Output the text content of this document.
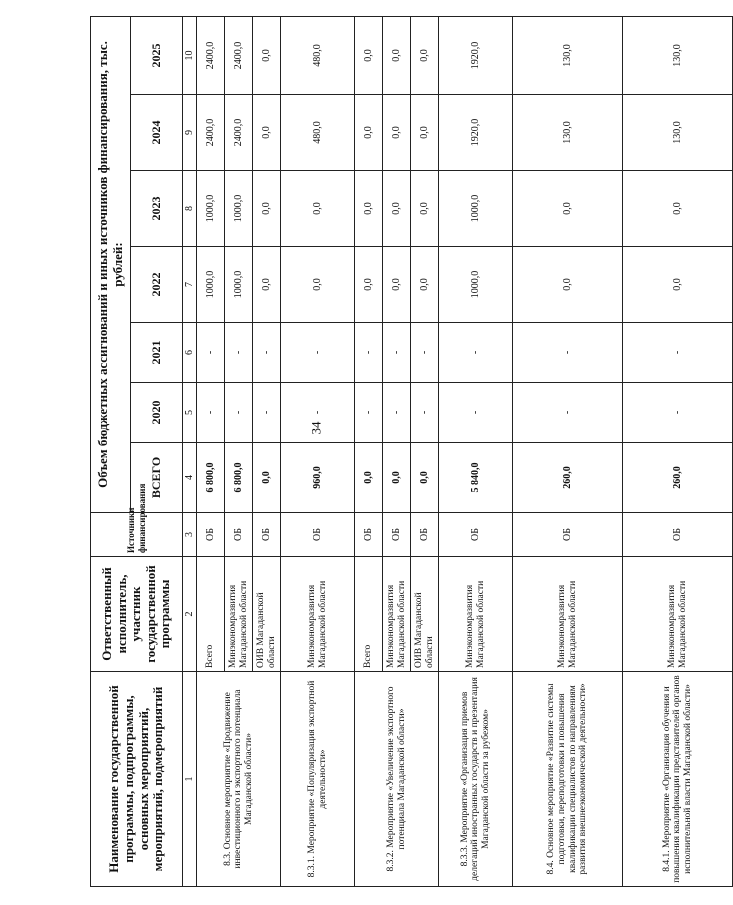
34
Наименование государственной программы, подпрограммы, основных мероприятий, мероприятий, подмероприятий	Ответственный исполнитель, участник государственной программы	Источники финансирования	Объем бюджетных ассигнований и иных источников финансирования, тыс. рублей:						
			ВСЕГО	2020	2021	2022	2023	2024	2025
1	2	3	4	5	6	7	8	9	10
8.3. Основное мероприятие «Продвижение инвестиционного и экспортного потенциала Магаданской области»	Всего	ОБ	6 800,0	-	-	1000,0	1000,0	2400,0	2400,0
	Минэкономразвития Магаданской области	ОБ	6 800,0	-	-	1000,0	1000,0	2400,0	2400,0
	ОИВ Магаданской области	ОБ	0,0	-	-	0,0	0,0	0,0	0,0
8.3.1. Мероприятие «Популяризация экспортной деятельности»	Минэкономразвития Магаданской области	ОБ	960,0	-	-	0,0	0,0	480,0	480,0
8.3.2. Мероприятие «Увеличение экспортного потенциала Магаданской области»	Всего	ОБ	0,0	-	-	0,0	0,0	0,0	0,0
	Минэкономразвития Магаданской области	ОБ	0,0	-	-	0,0	0,0	0,0	0,0
	ОИВ Магаданской области	ОБ	0,0	-	-	0,0	0,0	0,0	0,0
8.3.3. Мероприятие «Организация приемов делегаций иностранных государств и презентация Магаданской области за рубежом»	Минэкономразвития Магаданской области	ОБ	5 840,0	-	-	1000,0	1000,0	1920,0	1920,0
8.4. Основное мероприятие «Развитие системы подготовки, переподготовки и повышения квалификации специалистов по направлениям развития внешнеэкономической деятельности»	Минэкономразвития Магаданской области	ОБ	260,0	-	-	0,0	0,0	130,0	130,0
8.4.1. Мероприятие «Организация обучения и повышения квалификации представителей органов исполнительной власти Магаданской области»	Минэкономразвития Магаданской области	ОБ	260,0	-	-	0,0	0,0	130,0	130,0
